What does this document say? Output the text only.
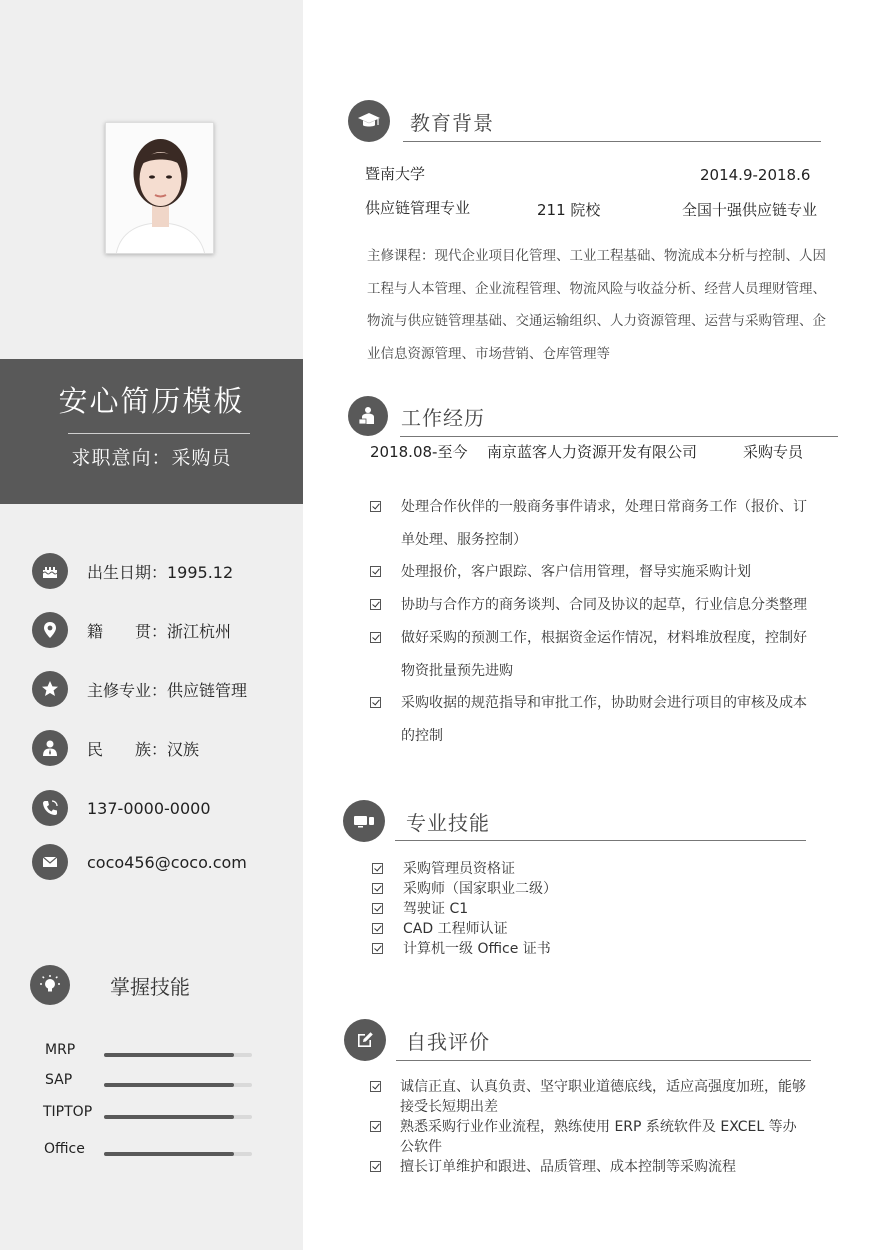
安心简历模板
求职意向：采购员
出生日期：1995.12
籍　　贯：浙江杭州
主修专业：供应链管理
民　　族：汉族
137-0000-0000
coco456@coco.com
掌握技能
MRP
SAP
TIPTOP
Office
教育背景
暨南大学	2014.9-2018.6
供应链管理专业	211 院校	全国十强供应链专业
主修课程：现代企业项目化管理、工业工程基础、物流成本分析与控制、人因工程与人本管理、企业流程管理、物流风险与收益分析、经营人员理财管理、物流与供应链管理基础、交通运输组织、人力资源管理、运营与采购管理、企业信息资源管理、市场营销、仓库管理等
工作经历
2018.08-至今 南京蓝客人力资源开发有限公司	采购专员
处理合作伙伴的一般商务事件请求，处理日常商务工作（报价、订单处理、服务控制）
处理报价，客户跟踪、客户信用管理，督导实施采购计划
协助与合作方的商务谈判、合同及协议的起草，行业信息分类整理
做好采购的预测工作，根据资金运作情况，材料堆放程度，控制好物资批量预先进购
采购收据的规范指导和审批工作，协助财会进行项目的审核及成本的控制
专业技能
采购管理员资格证
采购师（国家职业二级）
驾驶证 C1
CAD 工程师认证
计算机一级 Office 证书
自我评价
诚信正直、认真负责、坚守职业道德底线，适应高强度加班，能够接受长短期出差
熟悉采购行业作业流程，熟练使用 ERP 系统软件及 EXCEL 等办公软件
擅长订单维护和跟进、品质管理、成本控制等采购流程
